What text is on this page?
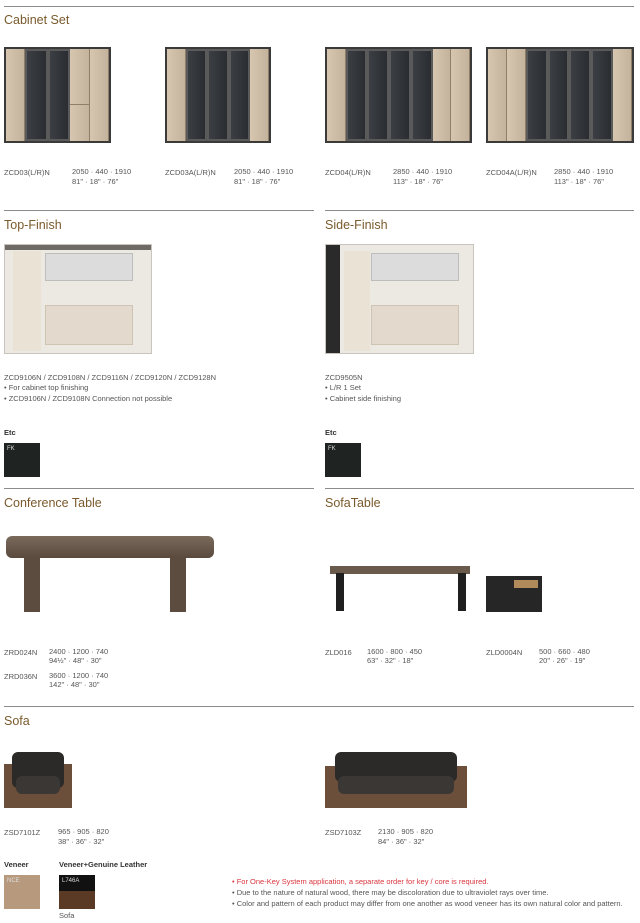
Cabinet Set
ZCD03(L/R)N	2050 · 440 · 1910
81" · 18" · 76"
ZCD03A(L/R)N 2050 · 440 · 1910
81" · 18" · 76"
ZCD04(L/R)N	2850 · 440 · 1910
113" · 18" · 76"
ZCD04A(L/R)N 2850 · 440 · 1910
113" · 18" · 76"
Top-Finish	Side-Finish
ZCD9106N / ZCD9108N / ZCD9116N / ZCD9120N / ZCD9128N
• For cabinet top finishing
• ZCD9106N / ZCD9108N Connection not possible
ZCD9505N
• L/R 1 Set
• Cabinet side finishing
Etc
FK
Etc
FK
Conference Table	SofaTable
ZRD024N 2400 · 1200 · 740
94½" · 48" · 30"
ZRD036N 3600 · 1200 · 740
142" · 48" · 30"
ZLD016 1600 · 800 · 450
63" · 32" · 18"
ZLD0004N 500 · 660 · 480
20" · 26" · 19"
Sofa
ZSD7101Z 965 · 905 · 820
38" · 36" · 32"
ZSD7103Z 2130 · 905 · 820
84" · 36" · 32"
Veneer
NCE
Veneer+Genuine Leather
L746A
Sofa
• For One-Key System application, a separate order for key / core is required.
• Due to the nature of natural wood, there may be discoloration due to ultraviolet rays over time.
• Color and pattern of each product may differ from one another as wood veneer has its own natural color and pattern.
